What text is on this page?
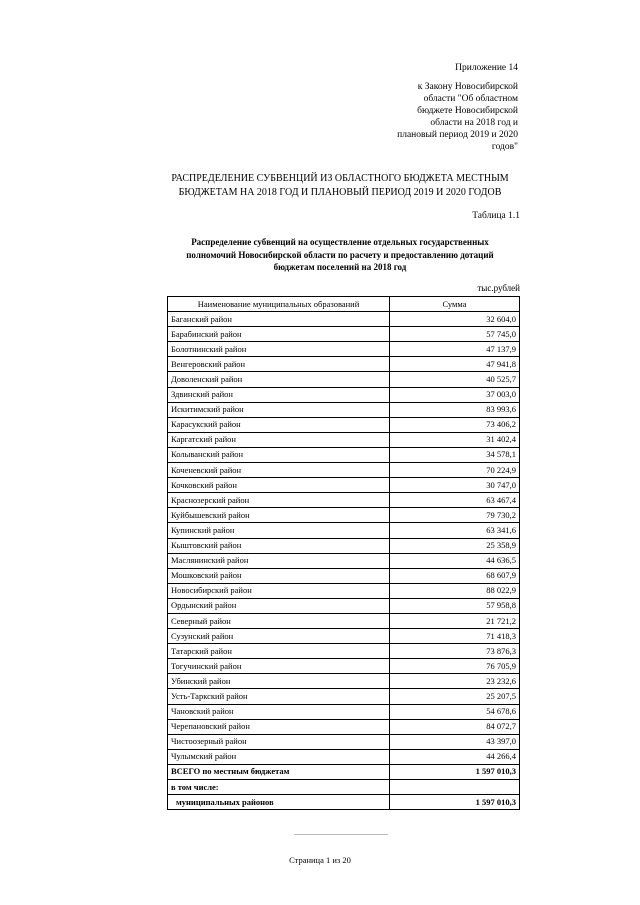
Приложение 14
к Закону Новосибирской
области "Об областном
бюджете Новосибирской
области на 2018 год и
плановый период 2019 и 2020
годов"
РАСПРЕДЕЛЕНИЕ СУБВЕНЦИЙ ИЗ ОБЛАСТНОГО БЮДЖЕТА МЕСТНЫМ
БЮДЖЕТАМ НА 2018 ГОД И ПЛАНОВЫЙ ПЕРИОД 2019 И 2020 ГОДОВ
Таблица 1.1
Распределение субвенций на осуществление отдельных государственных
полномочий Новосибирской области по расчету и предоставлению дотаций
бюджетам поселений на 2018 год
тыс.рублей
Наименование муниципальных образований	Сумма
Баганский район	32 604,0
Барабинский район	57 745,0
Болотнинский район	47 137,9
Венгеровский район	47 941,8
Доволенский район	40 525,7
Здвинский район	37 003,0
Искитимский район	83 993,6
Карасукский район	73 406,2
Каргатский район	31 402,4
Колыванский район	34 578,1
Коченевский район	70 224,9
Кочковский район	30 747,0
Краснозерский район	63 467,4
Куйбышевский район	79 730,2
Купинский район	63 341,6
Кыштовский район	25 358,9
Маслянинский район	44 636,5
Мошковский район	68 607,9
Новосибирский район	88 022,9
Ордынский район	57 958,8
Северный район	21 721,2
Сузунский район	71 418,3
Татарский район	73 876,3
Тогучинский район	76 705,9
Убинский район	23 232,6
Усть-Таркский район	25 207,5
Чановский район	54 678,6
Черепановский район	84 072,7
Чистоозерный район	43 397,0
Чулымский район	44 266,4
ВСЕГО по местным бюджетам	1 597 010,3
в том числе:	
муниципальных районов	1 597 010,3
Страница 1 из 20
